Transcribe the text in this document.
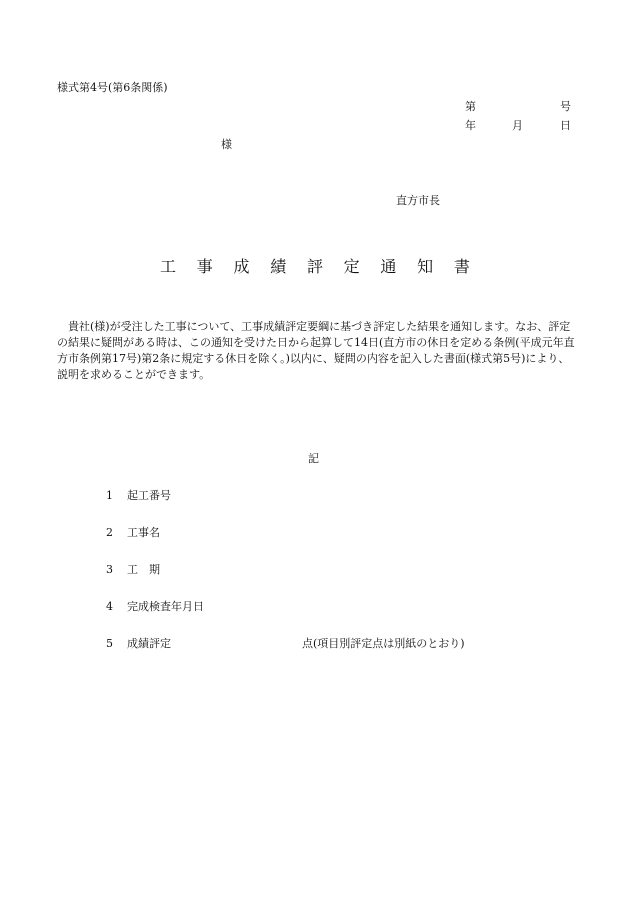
様式第4号(第6条関係)
第	号
年	月	日
様
直方市長
工 事 成 績 評 定 通 知 書
貴社(様)が受注した工事について、工事成績評定要綱に基づき評定した結果を通知します。なお、評定の結果に疑問がある時は、この通知を受けた日から起算して14日(直方市の休日を定める条例(平成元年直方市条例第17号)第2条に規定する休日を除く。)以内に、疑問の内容を記入した書面(様式第5号)により、説明を求めることができます。
記
1 起工番号
2 工事名
3 工　期
4 完成検査年月日
5 成績評定	点(項目別評定点は別紙のとおり)
